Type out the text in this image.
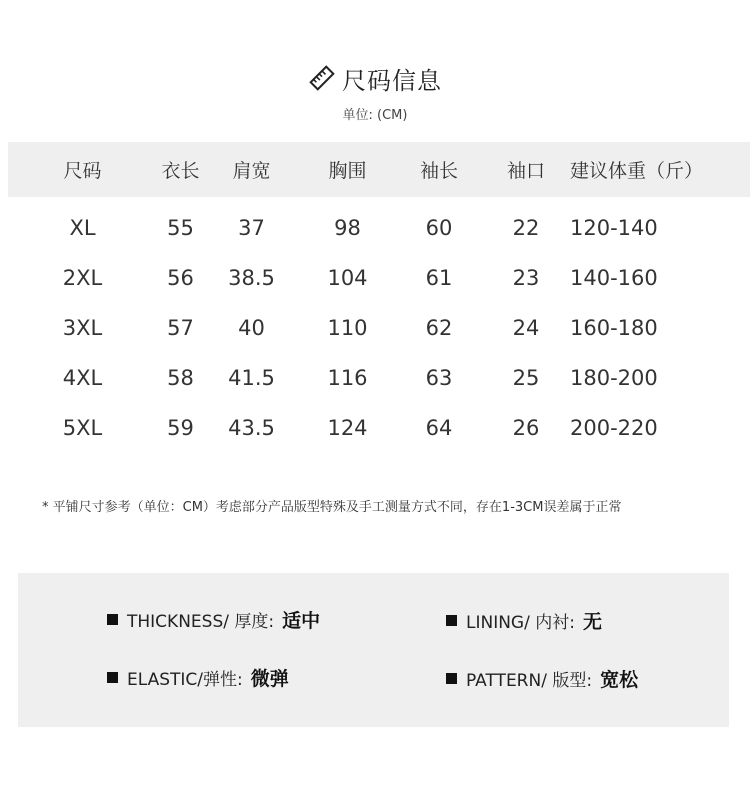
尺码信息
单位: (CM)
尺码	衣长	肩宽	胸围	袖长	袖口	建议体重（斤）
XL	55	37	98	60	22	120-140
2XL	56	38.5	104	61	23	140-160
3XL	57	40	110	62	24	160-180
4XL	58	41.5	116	63	25	180-200
5XL	59	43.5	124	64	26	200-220
* 平铺尺寸参考（单位：CM）考虑部分产品版型特殊及手工测量方式不同，存在1-3CM误差属于正常
THICKNESS/ 厚度: 适中	LINING/ 内衬: 无
ELASTIC/弹性: 微弹	PATTERN/ 版型: 宽松
